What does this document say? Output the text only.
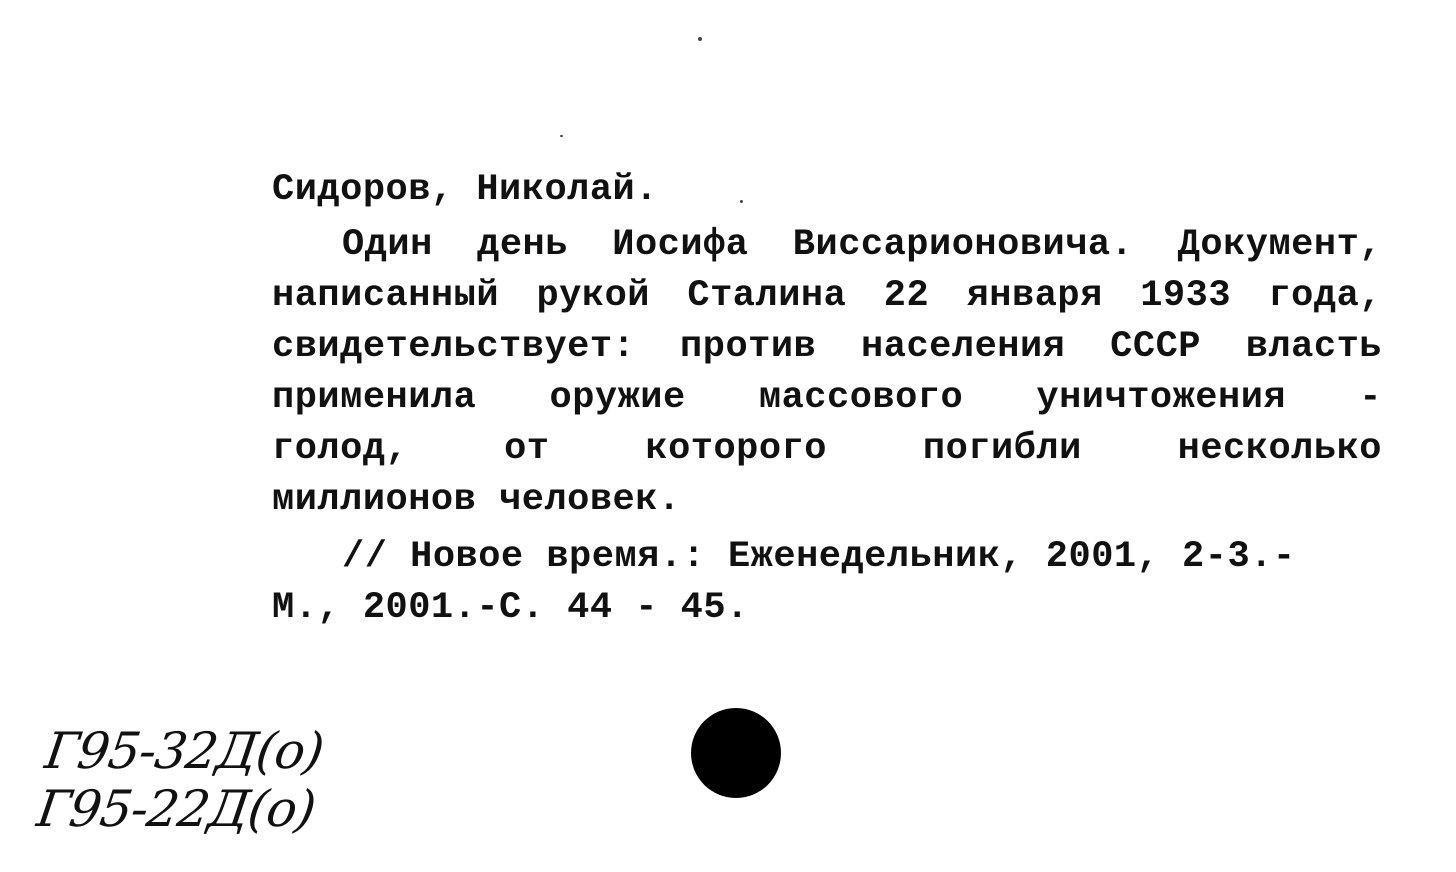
Сидоров, Николай.
Один день Иосифа Виссарионовича. Документ,
написанный рукой Сталина 22 января 1933 года,
свидетельствует: против населения СССР власть
применила оружие массового уничтожения -
голод, от которого погибли несколько
миллионов человек.
// Новое время.: Еженедельник, 2001, 2-3.-
М., 2001.-С. 44 - 45.
Г95-32Д(о)
Г95-22Д(о)
